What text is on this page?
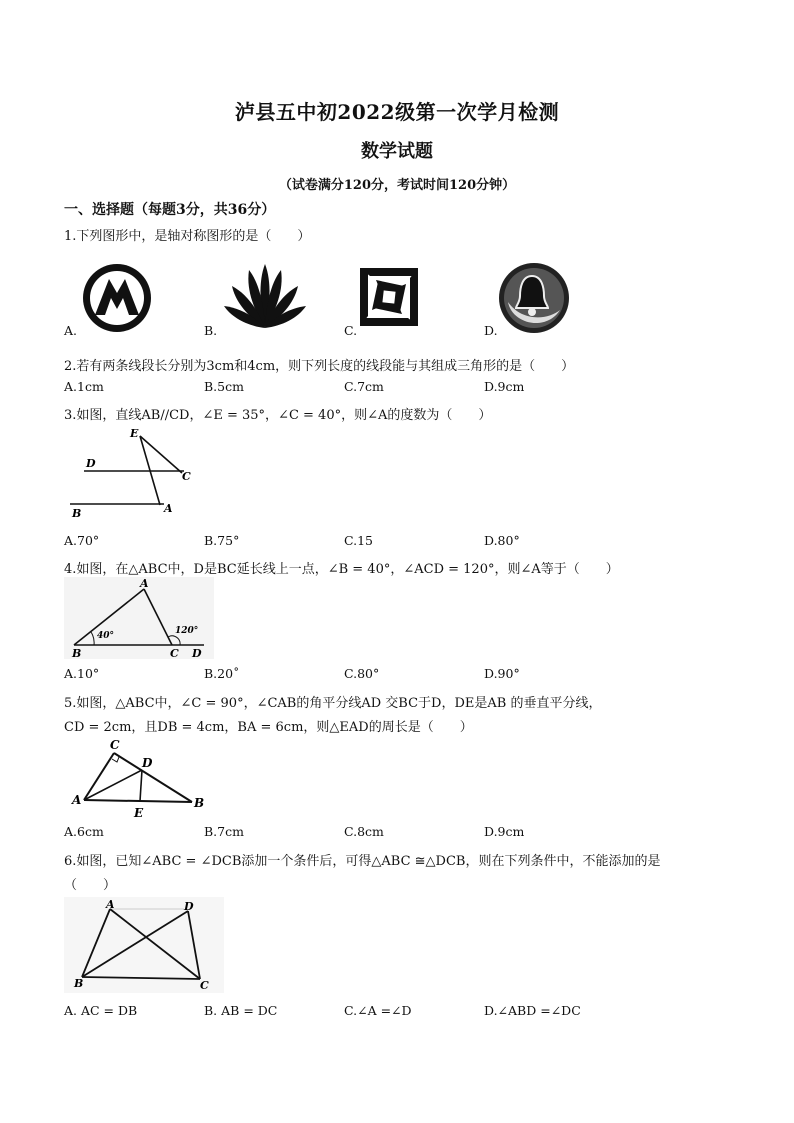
泸县五中初2022级第一次学月检测
数学试题
（试卷满分120分，考试时间120分钟）
一、选择题（每题3分，共36分）
1.下列图形中，是轴对称图形的是（　　）
A.	B.	C.	D.
2.若有两条线段长分别为3cm和4cm，则下列长度的线段能与其组成三角形的是（　　）
A.1cm	B.5cm	C.7cm	D.9cm
3.如图，直线AB//CD，∠E = 35°，∠C = 40°，则∠A的度数为（　　）
E
D
C
B	A
A.70°	B.75°	C.15	D.80°
4.如图，在△ABC中，D是BC延长线上一点，∠B = 40°，∠ACD = 120°，则∠A等于（　　）
A
B	C D
40°	120°
A.10°	B.20˚	C.80°	D.90°
5.如图，△ABC中，∠C = 90°，∠CAB的角平分线AD 交BC于D，DE是AB 的垂直平分线，
CD = 2cm，且DB = 4cm，BA = 6cm，则△EAD的周长是（　　）
C
D
A
E
B
A.6cm	B.7cm	C.8cm	D.9cm
6.如图，已知∠ABC = ∠DCB添加一个条件后，可得△ABC ≅△DCB，则在下列条件中，不能添加的是
（　　）
A	D
B	C
A. AC = DB	B. AB = DC	C.∠A =∠D	D.∠ABD =∠DC
